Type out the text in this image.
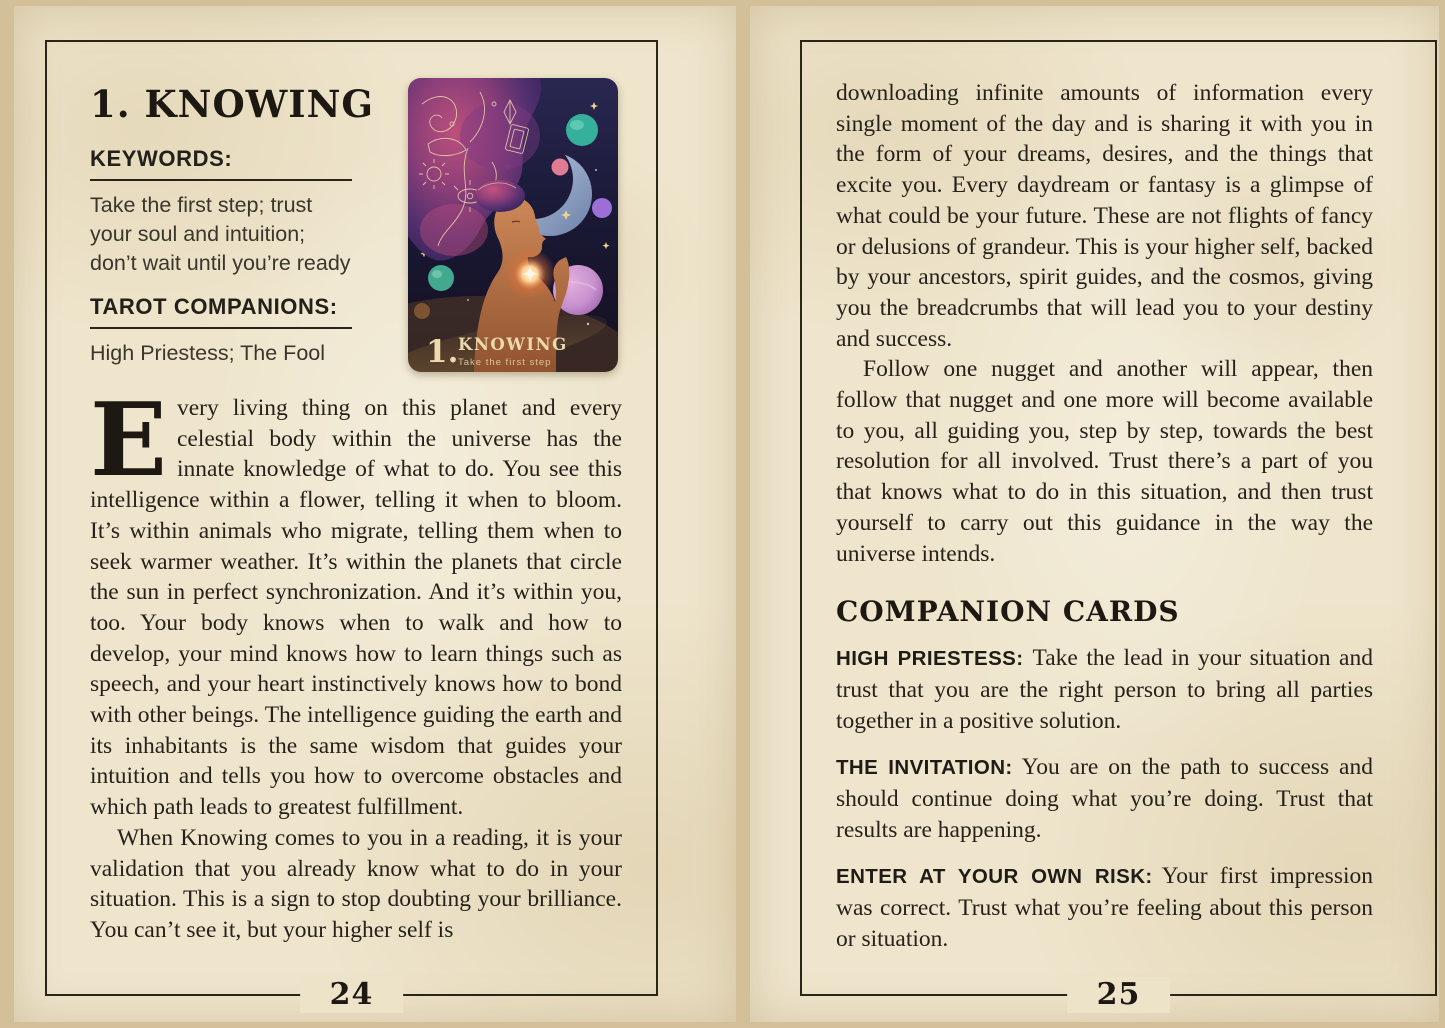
1. KNOWING
KEYWORDS:

Take the first step; trust your soul and intuition; don’t wait until you’re ready

TAROT COMPANIONS:

High Priestess; The Fool	1. KNOWING
Take the first step

Every living thing on this planet and every celestial body within the universe has the innate knowledge of what to do. You see this intelligence within a flower, telling it when to bloom. It’s within animals who migrate, telling them when to seek warmer weather. It’s within the planets that circle the sun in perfect synchronization. And it’s within you, too. Your body knows when to walk and how to develop, your mind knows how to learn things such as speech, and your heart instinctively knows how to bond with other beings. The intelligence guiding the earth and its inhabitants is the same wisdom that guides your intuition and tells you how to overcome obstacles and which path leads to greatest fulfillment.

When Knowing comes to you in a reading, it is your validation that you already know what to do in your situation. This is a sign to stop doubting your brilliance. You can’t see it, but your higher self is

24

downloading infinite amounts of information every single moment of the day and is sharing it with you in the form of your dreams, desires, and the things that excite you. Every daydream or fantasy is a glimpse of what could be your future. These are not flights of fancy or delusions of grandeur. This is your higher self, backed by your ancestors, spirit guides, and the cosmos, giving you the breadcrumbs that will lead you to your destiny and success.

Follow one nugget and another will appear, then follow that nugget and one more will become available to you, all guiding you, step by step, towards the best resolution for all involved. Trust there’s a part of you that knows what to do in this situation, and then trust yourself to carry out this guidance in the way the universe intends.

COMPANION CARDS

HIGH PRIESTESS: Take the lead in your situation and trust that you are the right person to bring all parties together in a positive solution.

THE INVITATION: You are on the path to success and should continue doing what you’re doing. Trust that results are happening.

ENTER AT YOUR OWN RISK: Your first impression was correct. Trust what you’re feeling about this person or situation.

25
